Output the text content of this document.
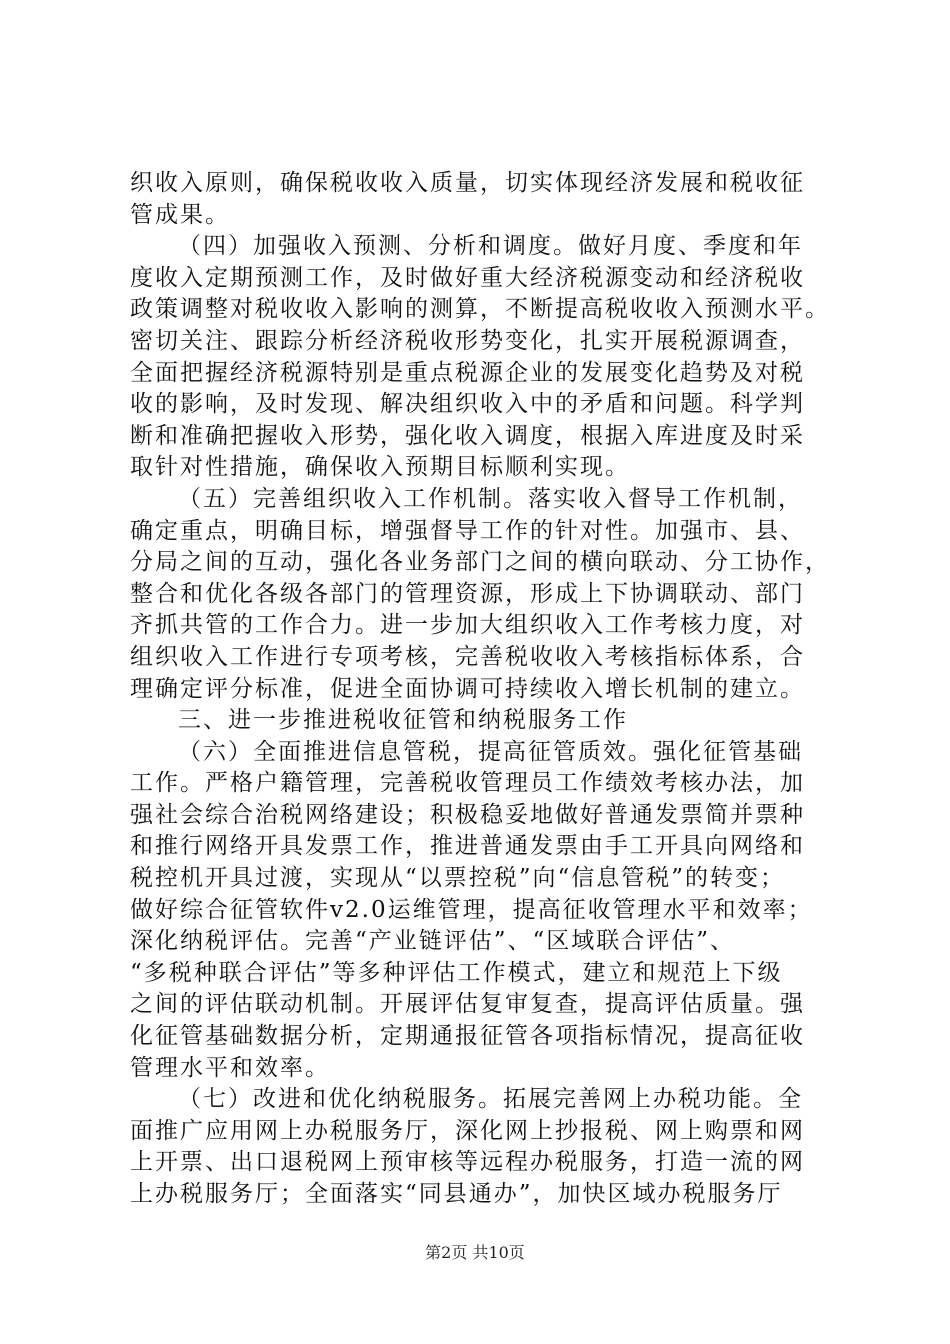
织收入原则，确保税收收入质量，切实体现经济发展和税收征
管成果。
（四）加强收入预测、分析和调度。做好月度、季度和年
度收入定期预测工作，及时做好重大经济税源变动和经济税收
政策调整对税收收入影响的测算，不断提高税收收入预测水平。
密切关注、跟踪分析经济税收形势变化，扎实开展税源调查，
全面把握经济税源特别是重点税源企业的发展变化趋势及对税
收的影响，及时发现、解决组织收入中的矛盾和问题。科学判
断和准确把握收入形势，强化收入调度，根据入库进度及时采
取针对性措施，确保收入预期目标顺利实现。
（五）完善组织收入工作机制。落实收入督导工作机制，
确定重点，明确目标，增强督导工作的针对性。加强市、县、
分局之间的互动，强化各业务部门之间的横向联动、分工协作，
整合和优化各级各部门的管理资源，形成上下协调联动、部门
齐抓共管的工作合力。进一步加大组织收入工作考核力度，对
组织收入工作进行专项考核，完善税收收入考核指标体系，合
理确定评分标准，促进全面协调可持续收入增长机制的建立。
三、进一步推进税收征管和纳税服务工作
（六）全面推进信息管税，提高征管质效。强化征管基础
工作。严格户籍管理，完善税收管理员工作绩效考核办法，加
强社会综合治税网络建设；积极稳妥地做好普通发票简并票种
和推行网络开具发票工作，推进普通发票由手工开具向网络和
税控机开具过渡，实现从“以票控税”向“信息管税”的转变；
做好综合征管软件v2.0运维管理，提高征收管理水平和效率；
深化纳税评估。完善“产业链评估”、“区域联合评估”、
“多税种联合评估”等多种评估工作模式，建立和规范上下级
之间的评估联动机制。开展评估复审复查，提高评估质量。强
化征管基础数据分析，定期通报征管各项指标情况，提高征收
管理水平和效率。
（七）改进和优化纳税服务。拓展完善网上办税功能。全
面推广应用网上办税服务厅，深化网上抄报税、网上购票和网
上开票、出口退税网上预审核等远程办税服务，打造一流的网
上办税服务厅；全面落实“同县通办”，加快区域办税服务厅
第2页 共10页
